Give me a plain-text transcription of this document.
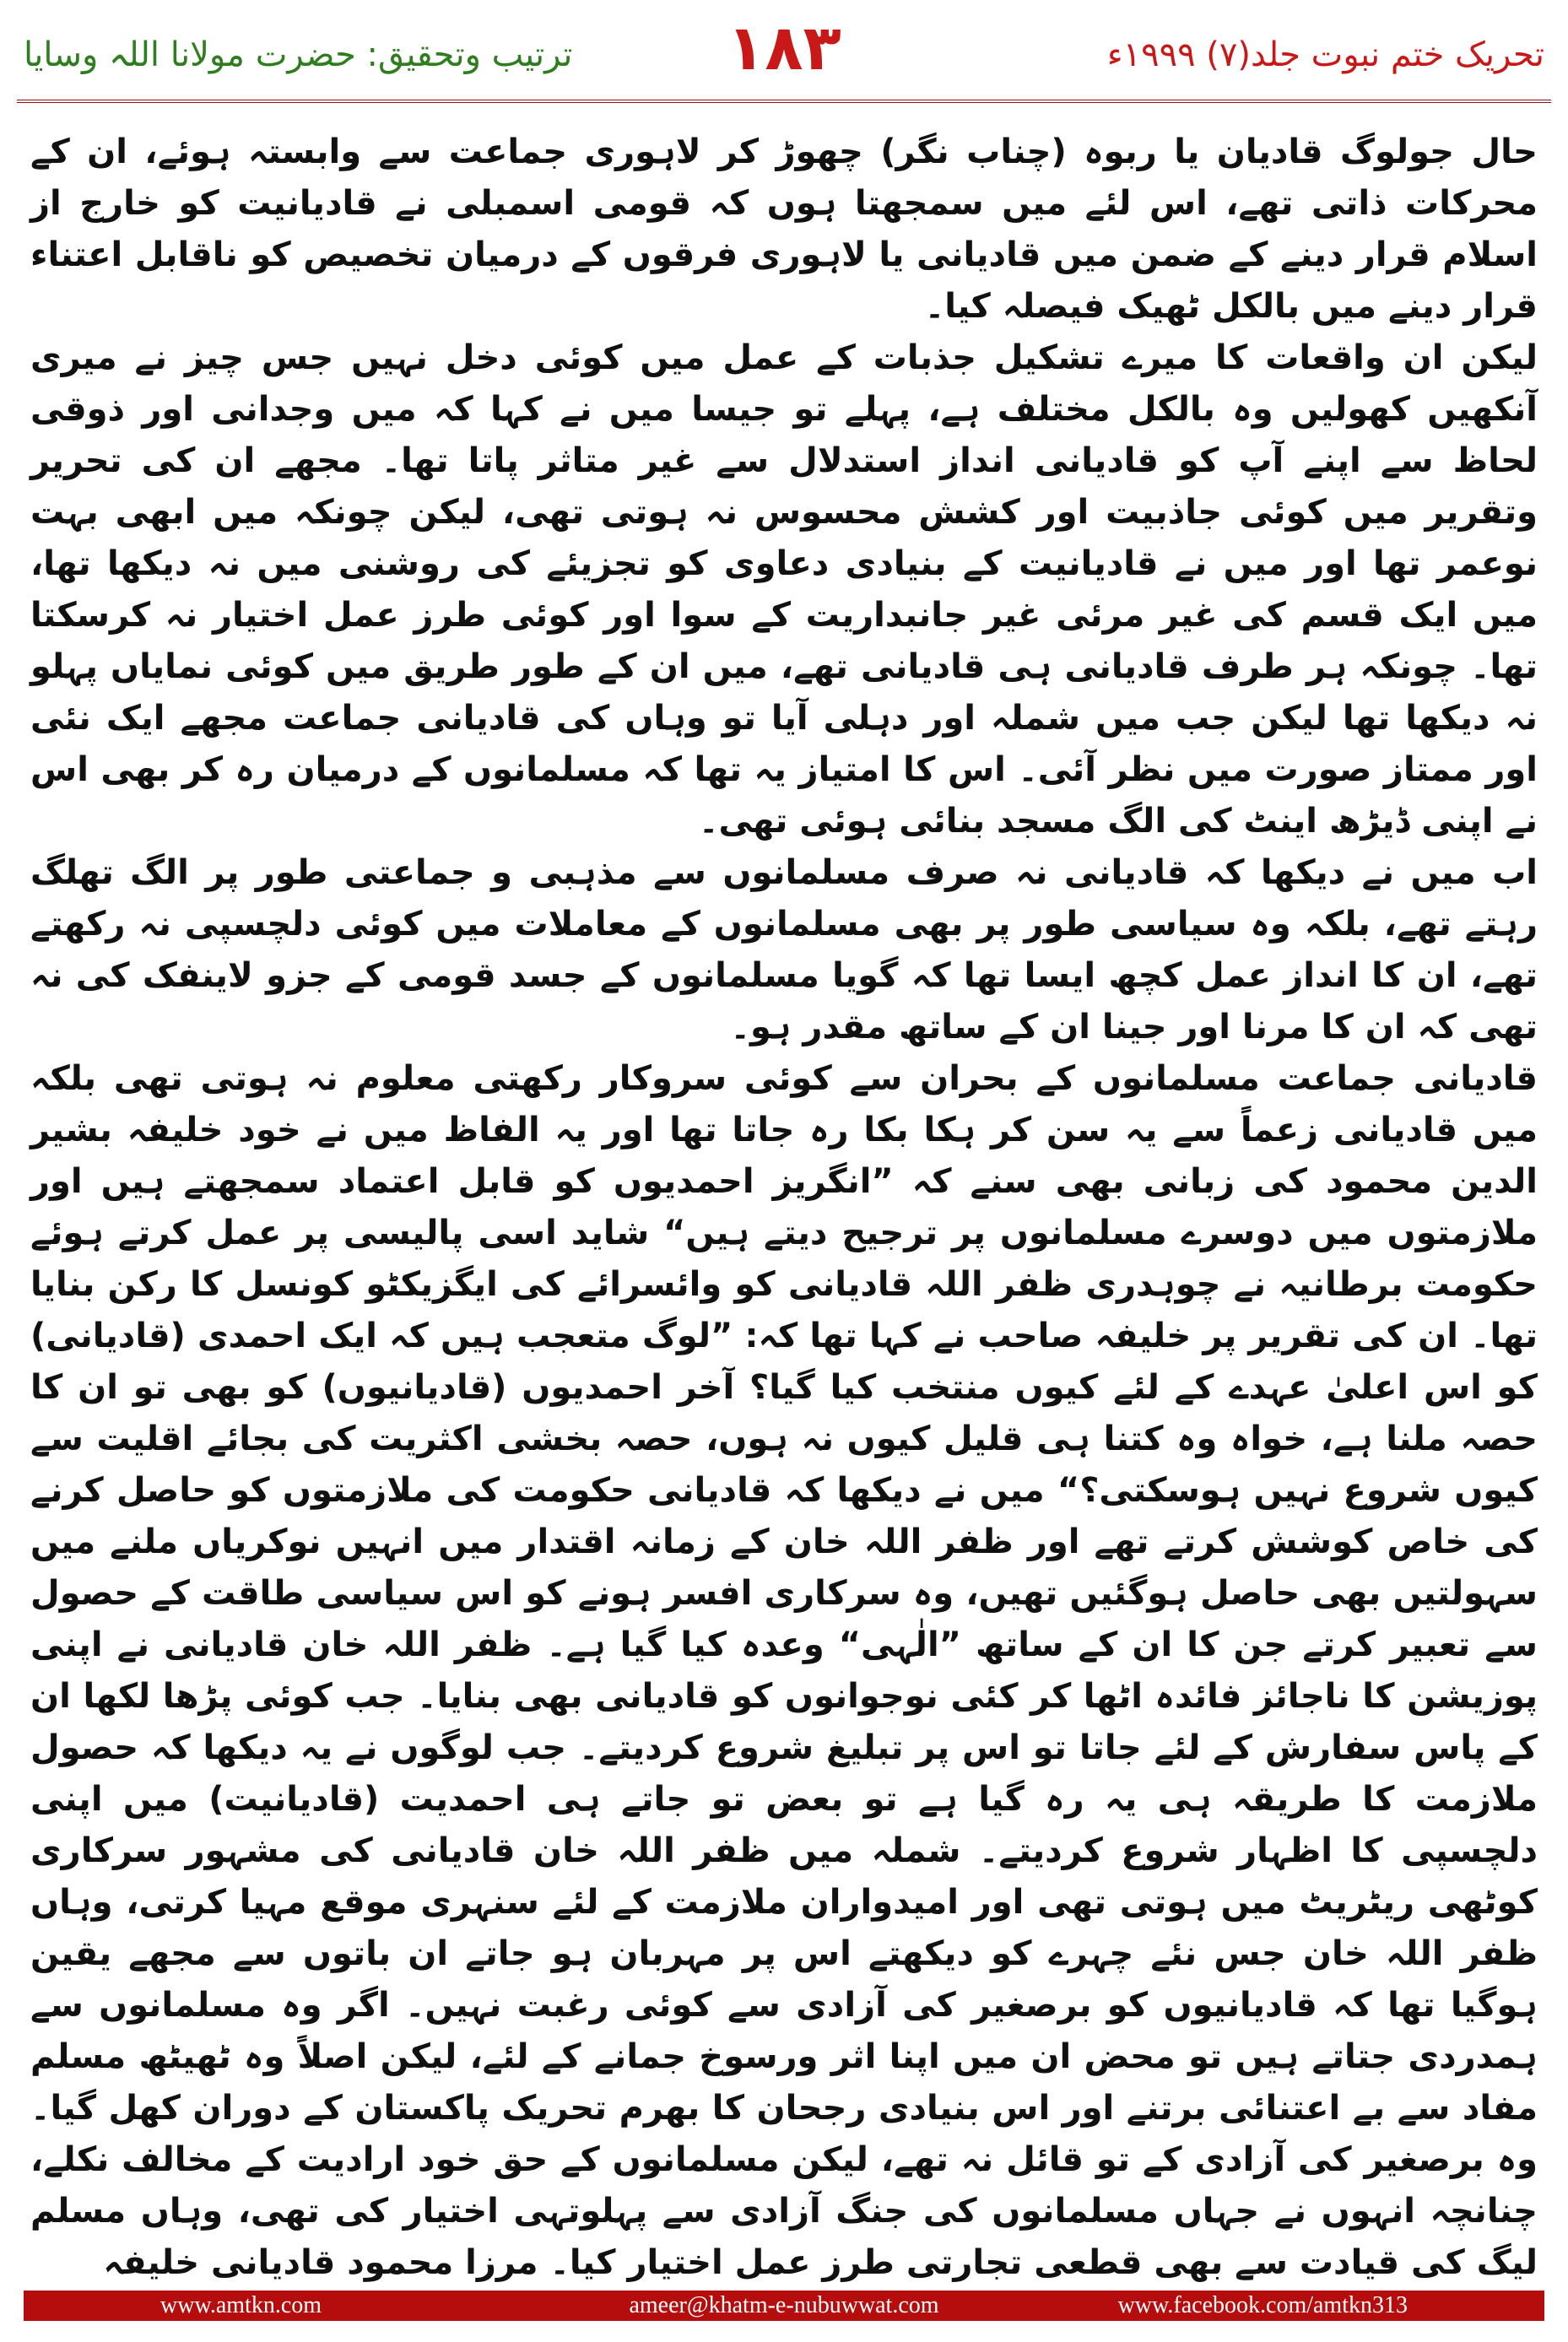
ترتیب وتحقیق: حضرت مولانا اللہ وسایا	۱۸۳	تحریک ختم نبوت جلد(۷) ۱۹۹۹ء

حال جولوگ قادیان یا ربوہ (چناب نگر) چھوڑ کر لاہوری جماعت سے وابستہ ہوئے، ان کے محرکات ذاتی تھے، اس لئے میں سمجھتا ہوں کہ قومی اسمبلی نے قادیانیت کو خارج از اسلام قرار دینے کے ضمن میں قادیانی یا لاہوری فرقوں کے درمیان تخصیص کو ناقابل اعتناء قرار دینے میں بالکل ٹھیک فیصلہ کیا۔

لیکن ان واقعات کا میرے تشکیل جذبات کے عمل میں کوئی دخل نہیں جس چیز نے میری آنکھیں کھولیں وہ بالکل مختلف ہے، پہلے تو جیسا میں نے کہا کہ میں وجدانی اور ذوقی لحاظ سے اپنے آپ کو قادیانی انداز استدلال سے غیر متاثر پاتا تھا۔ مجھے ان کی تحریر وتقریر میں کوئی جاذبیت اور کشش محسوس نہ ہوتی تھی، لیکن چونکہ میں ابھی بہت نوعمر تھا اور میں نے قادیانیت کے بنیادی دعاوی کو تجزیئے کی روشنی میں نہ دیکھا تھا، میں ایک قسم کی غیر مرئی غیر جانبداریت کے سوا اور کوئی طرز عمل اختیار نہ کرسکتا تھا۔ چونکہ ہر طرف قادیانی ہی قادیانی تھے، میں ان کے طور طریق میں کوئی نمایاں پہلو نہ دیکھا تھا لیکن جب میں شملہ اور دہلی آیا تو وہاں کی قادیانی جماعت مجھے ایک نئی اور ممتاز صورت میں نظر آئی۔ اس کا امتیاز یہ تھا کہ مسلمانوں کے درمیان رہ کر بھی اس نے اپنی ڈیڑھ اینٹ کی الگ مسجد بنائی ہوئی تھی۔

اب میں نے دیکھا کہ قادیانی نہ صرف مسلمانوں سے مذہبی و جماعتی طور پر الگ تھلگ رہتے تھے، بلکہ وہ سیاسی طور پر بھی مسلمانوں کے معاملات میں کوئی دلچسپی نہ رکھتے تھے، ان کا انداز عمل کچھ ایسا تھا کہ گویا مسلمانوں کے جسد قومی کے جزو لاینفک کی نہ تھی کہ ان کا مرنا اور جینا ان کے ساتھ مقدر ہو۔

قادیانی جماعت مسلمانوں کے بحران سے کوئی سروکار رکھتی معلوم نہ ہوتی تھی بلکہ میں قادیانی زعماً سے یہ سن کر ہکا بکا رہ جاتا تھا اور یہ الفاظ میں نے خود خلیفہ بشیر الدین محمود کی زبانی بھی سنے کہ ”انگریز احمدیوں کو قابل اعتماد سمجھتے ہیں اور ملازمتوں میں دوسرے مسلمانوں پر ترجیح دیتے ہیں“ شاید اسی پالیسی پر عمل کرتے ہوئے حکومت برطانیہ نے چوہدری ظفر اللہ قادیانی کو وائسرائے کی ایگزیکٹو کونسل کا رکن بنایا تھا۔ ان کی تقریر پر خلیفہ صاحب نے کہا تھا کہ: ”لوگ متعجب ہیں کہ ایک احمدی (قادیانی) کو اس اعلیٰ عہدے کے لئے کیوں منتخب کیا گیا؟ آخر احمدیوں (قادیانیوں) کو بھی تو ان کا حصہ ملنا ہے، خواہ وہ کتنا ہی قلیل کیوں نہ ہوں، حصہ بخشی اکثریت کی بجائے اقلیت سے کیوں شروع نہیں ہوسکتی؟“ میں نے دیکھا کہ قادیانی حکومت کی ملازمتوں کو حاصل کرنے کی خاص کوشش کرتے تھے اور ظفر اللہ خان کے زمانہ اقتدار میں انہیں نوکریاں ملنے میں سہولتیں بھی حاصل ہوگئیں تھیں، وہ سرکاری افسر ہونے کو اس سیاسی طاقت کے حصول سے تعبیر کرتے جن کا ان کے ساتھ ”الٰہی“ وعدہ کیا گیا ہے۔ ظفر اللہ خان قادیانی نے اپنی پوزیشن کا ناجائز فائدہ اٹھا کر کئی نوجوانوں کو قادیانی بھی بنایا۔ جب کوئی پڑھا لکھا ان کے پاس سفارش کے لئے جاتا تو اس پر تبلیغ شروع کردیتے۔ جب لوگوں نے یہ دیکھا کہ حصول ملازمت کا طریقہ ہی یہ رہ گیا ہے تو بعض تو جاتے ہی احمدیت (قادیانیت) میں اپنی دلچسپی کا اظہار شروع کردیتے۔ شملہ میں ظفر اللہ خان قادیانی کی مشہور سرکاری کوٹھی ریٹریٹ میں ہوتی تھی اور امیدواران ملازمت کے لئے سنہری موقع مہیا کرتی، وہاں ظفر اللہ خان جس نئے چہرے کو دیکھتے اس پر مہربان ہو جاتے ان باتوں سے مجھے یقین ہوگیا تھا کہ قادیانیوں کو برصغیر کی آزادی سے کوئی رغبت نہیں۔ اگر وہ مسلمانوں سے ہمدردی جتاتے ہیں تو محض ان میں اپنا اثر ورسوخ جمانے کے لئے، لیکن اصلاً وہ ٹھیٹھ مسلم مفاد سے بے اعتنائی برتنے اور اس بنیادی رجحان کا بھرم تحریک پاکستان کے دوران کھل گیا۔ وہ برصغیر کی آزادی کے تو قائل نہ تھے، لیکن مسلمانوں کے حق خود ارادیت کے مخالف نکلے، چنانچہ انہوں نے جہاں مسلمانوں کی جنگ آزادی سے پہلوتہی اختیار کی تھی، وہاں مسلم لیگ کی قیادت سے بھی قطعی تجارتی طرز عمل اختیار کیا۔ مرزا محمود قادیانی خلیفہ

www.amtkn.com	ameer@khatm-e-nubuwwat.com	www.facebook.com/amtkn313
